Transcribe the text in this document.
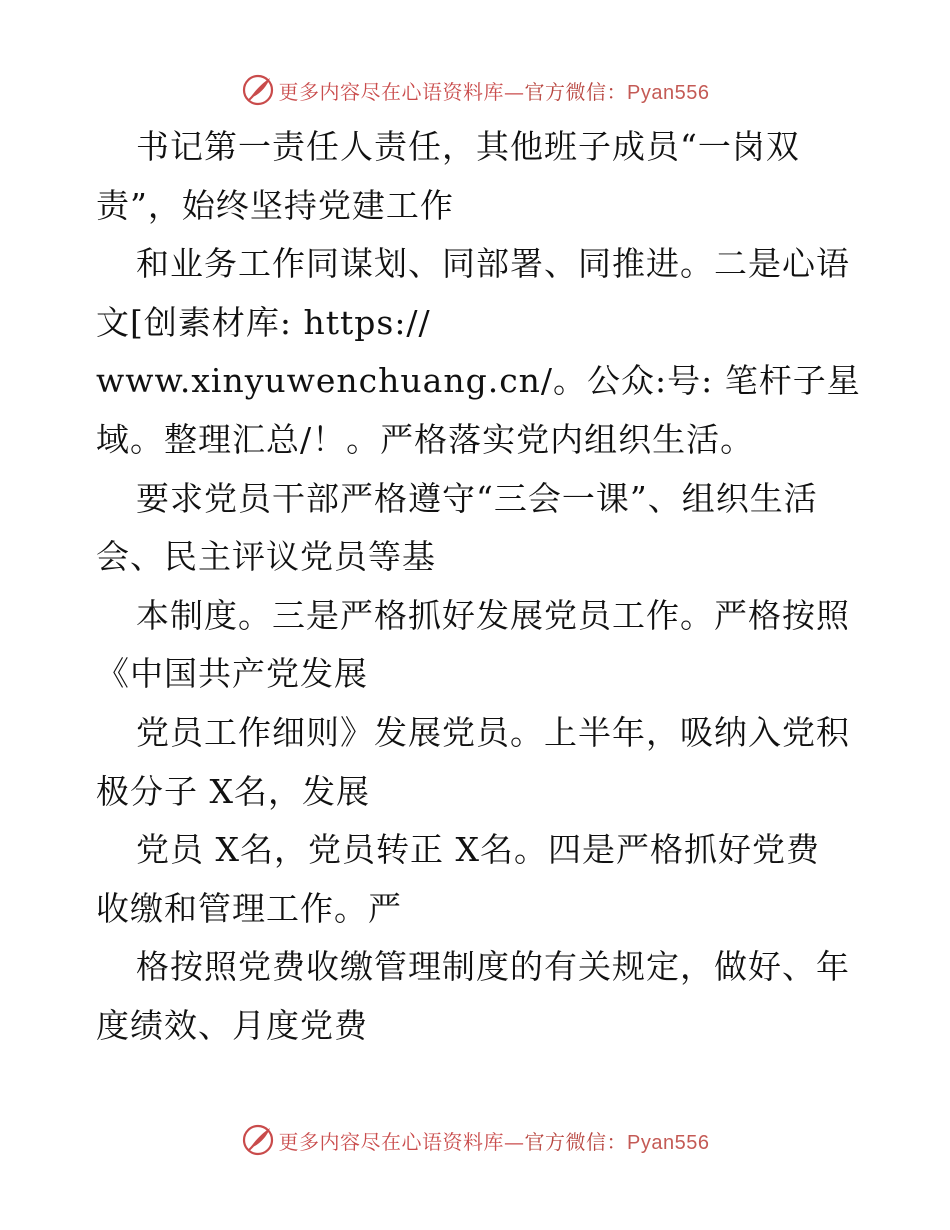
更多内容尽在心语资料库—官方微信：Pyan556
书记第一责任人责任，其他班子成员“一岗双
责”，始终坚持党建工作
和业务工作同谋划、同部署、同推进。二是心语
文[创素材库: https://
www.xinyuwenchuang.cn/。公众:号: 笔杆子星
域。整理汇总/！。严格落实党内组织生活。
要求党员干部严格遵守“三会一课”、组织生活
会、民主评议党员等基
本制度。三是严格抓好发展党员工作。严格按照
《中国共产党发展
党员工作细则》发展党员。上半年，吸纳入党积
极分子 X名，发展
党员 X名，党员转正 X名。四是严格抓好党费
收缴和管理工作。严
格按照党费收缴管理制度的有关规定，做好、年
度绩效、月度党费
更多内容尽在心语资料库—官方微信：Pyan556
